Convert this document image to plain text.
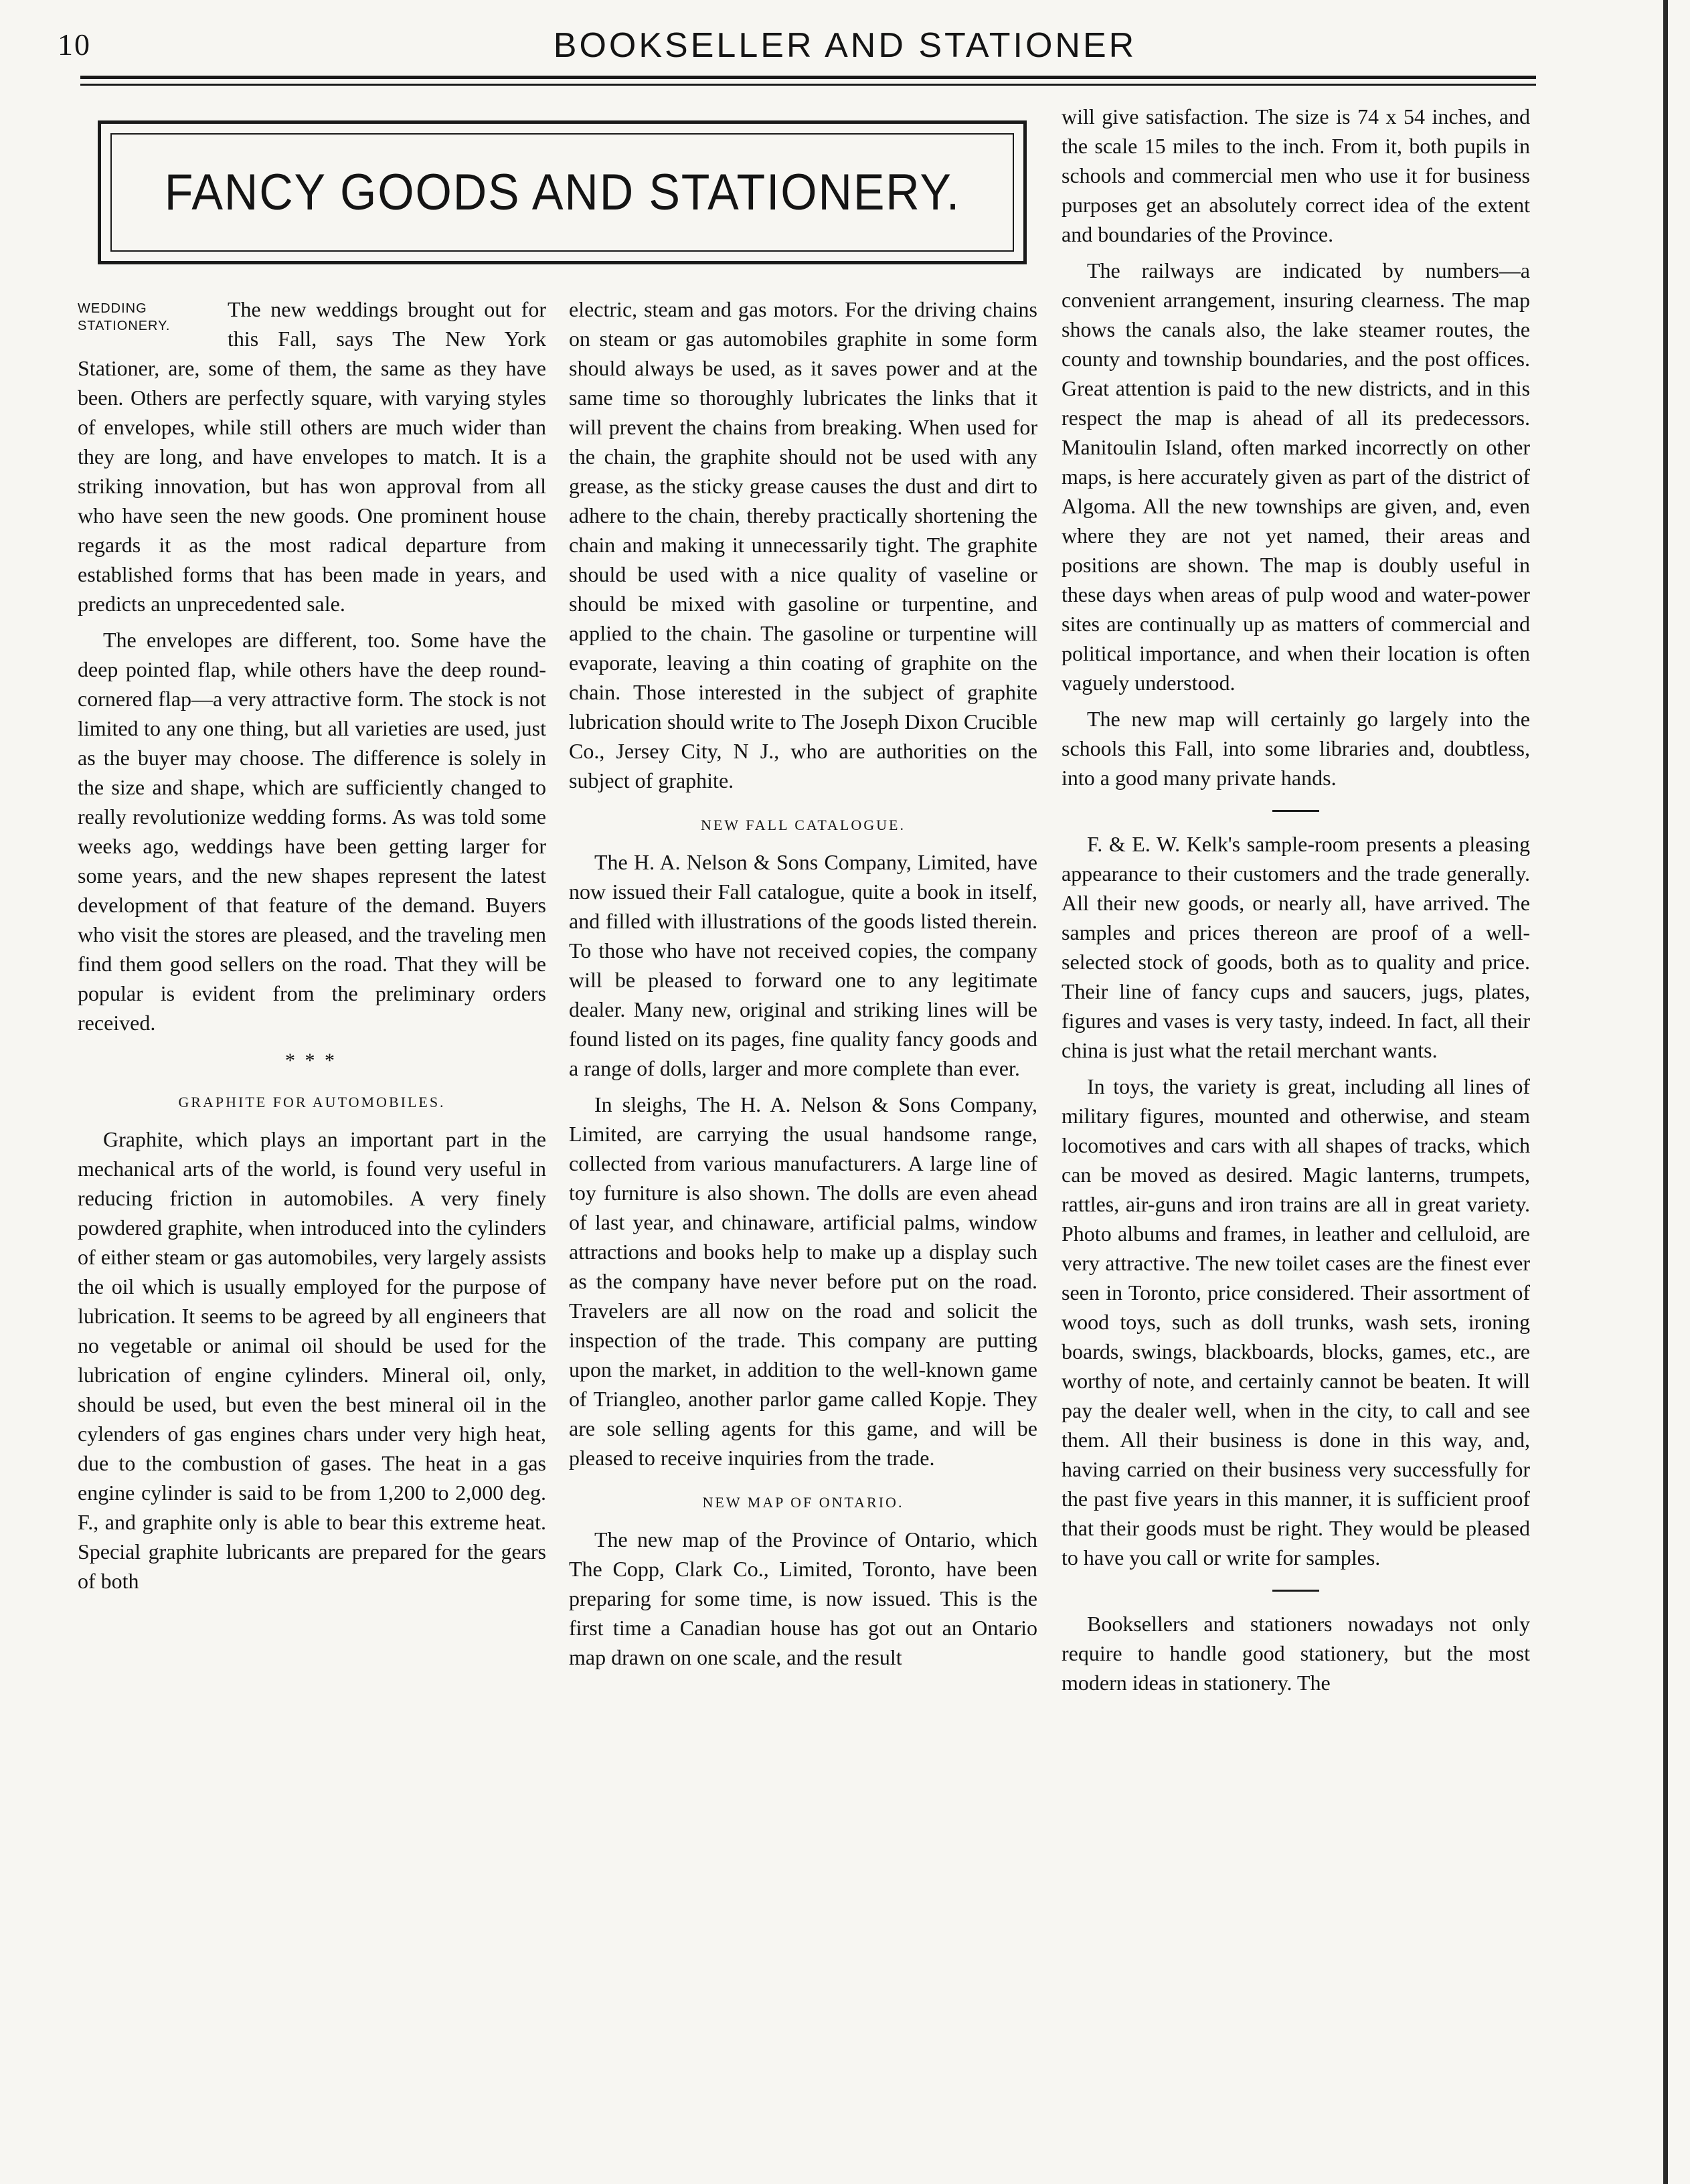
10	BOOKSELLER AND STATIONER
FANCY GOODS AND STATIONERY.
WEDDING
STATIONERY.

The new weddings brought out for this Fall, says The New York Stationer, are, some of them, the same as they have been. Others are perfectly square, with varying styles of envelopes, while still others are much wider than they are long, and have envelopes to match. It is a striking innovation, but has won approval from all who have seen the new goods. One prominent house regards it as the most radical departure from established forms that has been made in years, and predicts an unprecedented sale.

The envelopes are different, too. Some have the deep pointed flap, while others have the deep round-cornered flap—a very attractive form. The stock is not limited to any one thing, but all varieties are used, just as the buyer may choose. The difference is solely in the size and shape, which are sufficiently changed to really revolutionize wedding forms. As was told some weeks ago, weddings have been getting larger for some years, and the new shapes represent the latest development of that feature of the demand. Buyers who visit the stores are pleased, and the traveling men find them good sellers on the road. That they will be popular is evident from the preliminary orders received.

* * *
GRAPHITE FOR AUTOMOBILES.

Graphite, which plays an important part in the mechanical arts of the world, is found very useful in reducing friction in automobiles. A very finely powdered graphite, when introduced into the cylinders of either steam or gas automobiles, very largely assists the oil which is usually employed for the purpose of lubrication. It seems to be agreed by all engineers that no vegetable or animal oil should be used for the lubrication of engine cylinders. Mineral oil, only, should be used, but even the best mineral oil in the cylenders of gas engines chars under very high heat, due to the combustion of gases. The heat in a gas engine cylinder is said to be from 1,200 to 2,000 deg. F., and graphite only is able to bear this extreme heat. Special graphite lubricants are prepared for the gears of both

electric, steam and gas motors. For the driving chains on steam or gas automobiles graphite in some form should always be used, as it saves power and at the same time so thoroughly lubricates the links that it will prevent the chains from breaking. When used for the chain, the graphite should not be used with any grease, as the sticky grease causes the dust and dirt to adhere to the chain, thereby practically shortening the chain and making it unnecessarily tight. The graphite should be used with a nice quality of vaseline or should be mixed with gasoline or turpentine, and applied to the chain. The gasoline or turpentine will evaporate, leaving a thin coating of graphite on the chain. Those interested in the subject of graphite lubrication should write to The Joseph Dixon Crucible Co., Jersey City, N J., who are authorities on the subject of graphite.

NEW FALL CATALOGUE.

The H. A. Nelson & Sons Company, Limited, have now issued their Fall catalogue, quite a book in itself, and filled with illustrations of the goods listed therein. To those who have not received copies, the company will be pleased to forward one to any legitimate dealer. Many new, original and striking lines will be found listed on its pages, fine quality fancy goods and a range of dolls, larger and more complete than ever.

In sleighs, The H. A. Nelson & Sons Company, Limited, are carrying the usual handsome range, collected from various manufacturers. A large line of toy furniture is also shown. The dolls are even ahead of last year, and chinaware, artificial palms, window attractions and books help to make up a display such as the company have never before put on the road. Travelers are all now on the road and solicit the inspection of the trade. This company are putting upon the market, in addition to the well-known game of Triangleo, another parlor game called Kopje. They are sole selling agents for this game, and will be pleased to receive inquiries from the trade.

NEW MAP OF ONTARIO.

The new map of the Province of Ontario, which The Copp, Clark Co., Limited, Toronto, have been preparing for some time, is now issued. This is the first time a Canadian house has got out an Ontario map drawn on one scale, and the result

will give satisfaction. The size is 74 x 54 inches, and the scale 15 miles to the inch. From it, both pupils in schools and commercial men who use it for business purposes get an absolutely correct idea of the extent and boundaries of the Province.

The railways are indicated by numbers—a convenient arrangement, insuring clearness. The map shows the canals also, the lake steamer routes, the county and township boundaries, and the post offices. Great attention is paid to the new districts, and in this respect the map is ahead of all its predecessors. Manitoulin Island, often marked incorrectly on other maps, is here accurately given as part of the district of Algoma. All the new townships are given, and, even where they are not yet named, their areas and positions are shown. The map is doubly useful in these days when areas of pulp wood and water-power sites are continually up as matters of commercial and political importance, and when their location is often vaguely understood.

The new map will certainly go largely into the schools this Fall, into some libraries and, doubtless, into a good many private hands.

F. & E. W. Kelk's sample-room presents a pleasing appearance to their customers and the trade generally. All their new goods, or nearly all, have arrived. The samples and prices thereon are proof of a well-selected stock of goods, both as to quality and price. Their line of fancy cups and saucers, jugs, plates, figures and vases is very tasty, indeed. In fact, all their china is just what the retail merchant wants.

In toys, the variety is great, including all lines of military figures, mounted and otherwise, and steam locomotives and cars with all shapes of tracks, which can be moved as desired. Magic lanterns, trumpets, rattles, air-guns and iron trains are all in great variety. Photo albums and frames, in leather and celluloid, are very attractive. The new toilet cases are the finest ever seen in Toronto, price considered. Their assortment of wood toys, such as doll trunks, wash sets, ironing boards, swings, blackboards, blocks, games, etc., are worthy of note, and certainly cannot be beaten. It will pay the dealer well, when in the city, to call and see them. All their business is done in this way, and, having carried on their business very successfully for the past five years in this manner, it is sufficient proof that their goods must be right. They would be pleased to have you call or write for samples.

Booksellers and stationers nowadays not only require to handle good stationery, but the most modern ideas in stationery. The
